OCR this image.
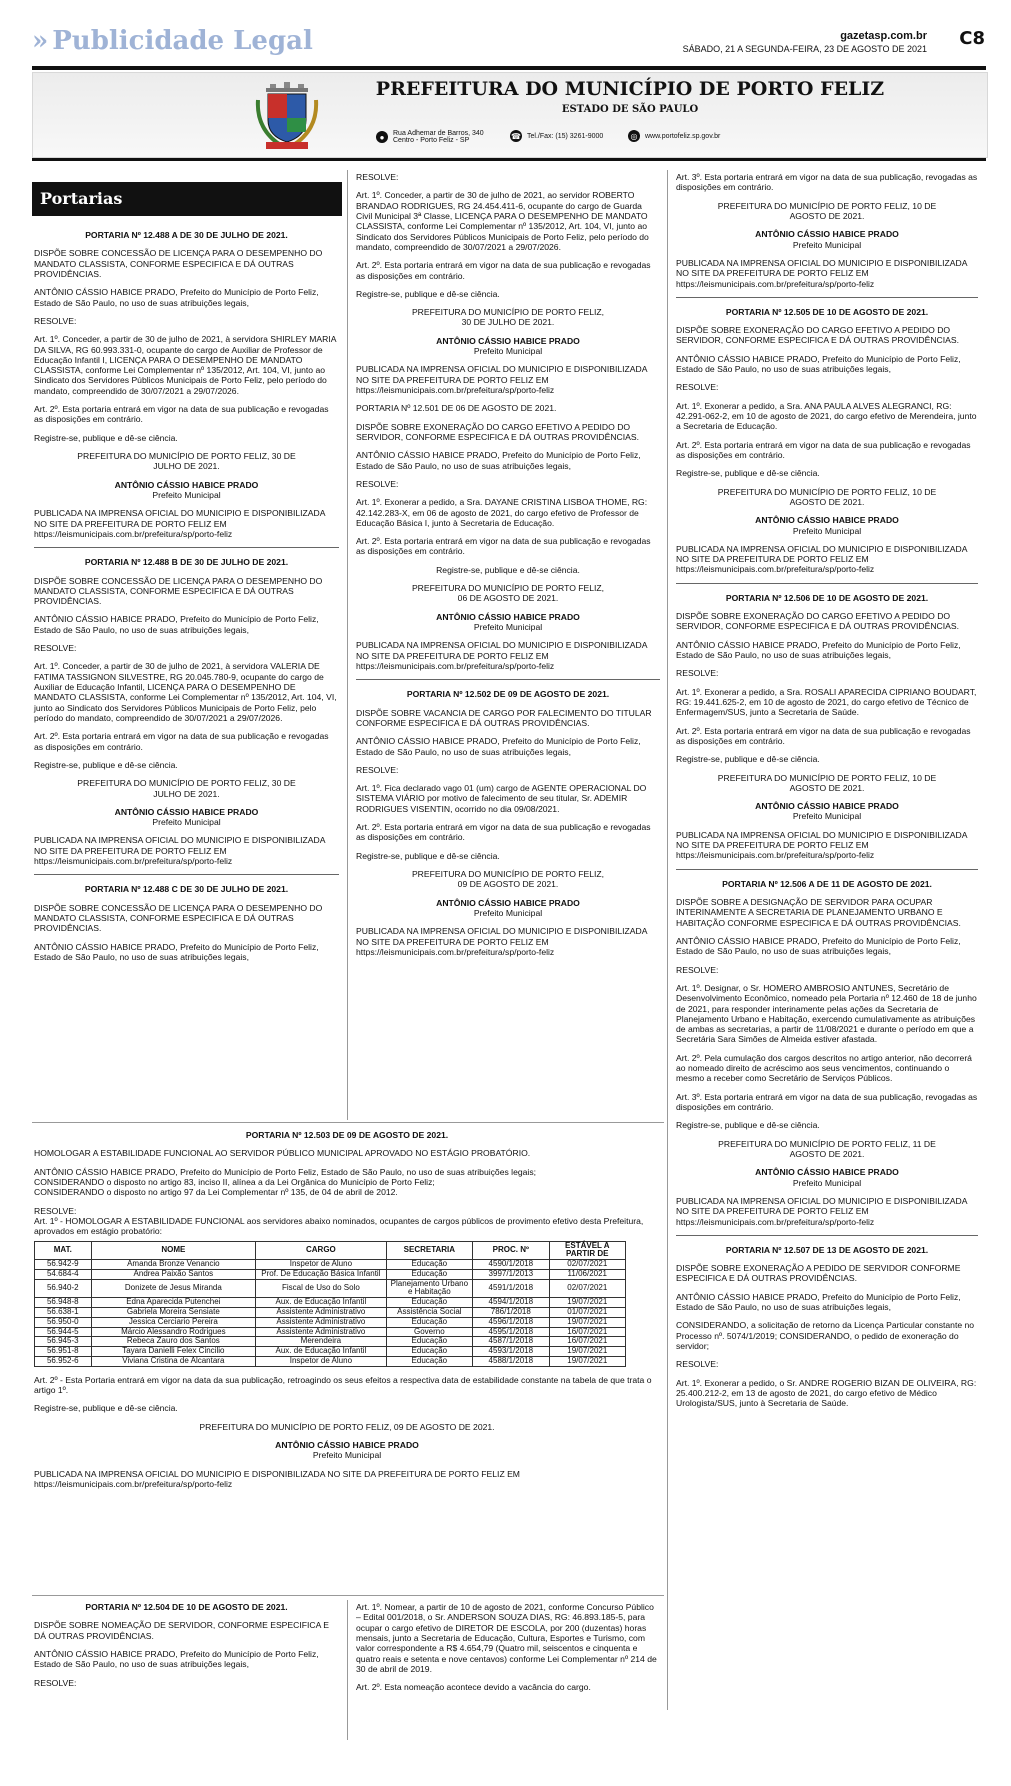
» Publicidade Legal	gazetasp.com.br
SÁBADO, 21 A SEGUNDA-FEIRA, 23 DE AGOSTO DE 2021 C8
PREFEITURA DO MUNICÍPIO DE PORTO FELIZ
ESTADO DE SÃO PAULO
●	Rua Adhemar de Barros, 340 Centro - Porto Feliz - SP	☎ Tel./Fax: (15) 3261-9000	◎	www.portofeliz.sp.gov.br
Portarias

PORTARIA Nº 12.488 A DE 30 DE JULHO DE 2021.

DISPÕE SOBRE CONCESSÃO DE LICENÇA PARA O DESEMPENHO DO MANDATO CLASSISTA, CONFORME ESPECIFICA E DÁ OUTRAS PROVIDÊNCIAS.

ANTÔNIO CÁSSIO HABICE PRADO, Prefeito do Município de Porto Feliz, Estado de São Paulo, no uso de suas atribuições legais,

RESOLVE:

Art. 1º. Conceder, a partir de 30 de julho de 2021, à servidora SHIRLEY MARIA DA SILVA, RG 60.993.331-0, ocupante do cargo de Auxiliar de Professor de Educação Infantil I, LICENÇA PARA O DESEMPENHO DE MANDATO CLASSISTA, conforme Lei Complementar nº 135/2012, Art. 104, VI, junto ao Sindicato dos Servidores Públicos Municipais de Porto Feliz, pelo período do mandato, compreendido de 30/07/2021 a 29/07/2026.

Art. 2º. Esta portaria entrará em vigor na data de sua publicação e revogadas as disposições em contrário.

Registre-se, publique e dê-se ciência.

PREFEITURA DO MUNICÍPIO DE PORTO FELIZ, 30 DE JULHO DE 2021.

ANTÔNIO CÁSSIO HABICE PRADO

Prefeito Municipal

PUBLICADA NA IMPRENSA OFICIAL DO MUNICIPIO E DISPONIBILIZADA NO SITE DA PREFEITURA DE PORTO FELIZ EM https://leismunicipais.com.br/prefeitura/sp/porto-feliz

PORTARIA Nº 12.488 B DE 30 DE JULHO DE 2021.

DISPÕE SOBRE CONCESSÃO DE LICENÇA PARA O DESEMPENHO DO MANDATO CLASSISTA, CONFORME ESPECIFICA E DÁ OUTRAS PROVIDÊNCIAS.

ANTÔNIO CÁSSIO HABICE PRADO, Prefeito do Município de Porto Feliz, Estado de São Paulo, no uso de suas atribuições legais,

RESOLVE:

Art. 1º. Conceder, a partir de 30 de julho de 2021, à servidora VALERIA DE FATIMA TASSIGNON SILVESTRE, RG 20.045.780-9, ocupante do cargo de Auxiliar de Educação Infantil, LICENÇA PARA O DESEMPENHO DE MANDATO CLASSISTA, conforme Lei Complementar nº 135/2012, Art. 104, VI, junto ao Sindicato dos Servidores Públicos Municipais de Porto Feliz, pelo período do mandato, compreendido de 30/07/2021 a 29/07/2026.

Art. 2º. Esta portaria entrará em vigor na data de sua publicação e revogadas as disposições em contrário.

Registre-se, publique e dê-se ciência.

PREFEITURA DO MUNICÍPIO DE PORTO FELIZ, 30 DE JULHO DE 2021.

ANTÔNIO CÁSSIO HABICE PRADO

Prefeito Municipal

PUBLICADA NA IMPRENSA OFICIAL DO MUNICIPIO E DISPONIBILIZADA NO SITE DA PREFEITURA DE PORTO FELIZ EM https://leismunicipais.com.br/prefeitura/sp/porto-feliz

PORTARIA Nº 12.488 C DE 30 DE JULHO DE 2021.

DISPÕE SOBRE CONCESSÃO DE LICENÇA PARA O DESEMPENHO DO MANDATO CLASSISTA, CONFORME ESPECIFICA E DÁ OUTRAS PROVIDÊNCIAS.

ANTÔNIO CÁSSIO HABICE PRADO, Prefeito do Município de Porto Feliz, Estado de São Paulo, no uso de suas atribuições legais,

RESOLVE:

Art. 1º. Conceder, a partir de 30 de julho de 2021, ao servidor ROBERTO BRANDAO RODRIGUES, RG 24.454.411-6, ocupante do cargo de Guarda Civil Municipal 3ª Classe, LICENÇA PARA O DESEMPENHO DE MANDATO CLASSISTA, conforme Lei Complementar nº 135/2012, Art. 104, VI, junto ao Sindicato dos Servidores Públicos Municipais de Porto Feliz, pelo período do mandato, compreendido de 30/07/2021 a 29/07/2026.

Art. 2º. Esta portaria entrará em vigor na data de sua publicação e revogadas as disposições em contrário.

Registre-se, publique e dê-se ciência.

PREFEITURA DO MUNICÍPIO DE PORTO FELIZ, 30 DE JULHO DE 2021.

ANTÔNIO CÁSSIO HABICE PRADO

Prefeito Municipal

PUBLICADA NA IMPRENSA OFICIAL DO MUNICIPIO E DISPONIBILIZADA NO SITE DA PREFEITURA DE PORTO FELIZ EM https://leismunicipais.com.br/prefeitura/sp/porto-feliz

PORTARIA Nº 12.501 DE 06 DE AGOSTO DE 2021.

DISPÕE SOBRE EXONERAÇÃO DO CARGO EFETIVO A PEDIDO DO SERVIDOR, CONFORME ESPECIFICA E DÁ OUTRAS PROVIDÊNCIAS.

ANTÔNIO CÁSSIO HABICE PRADO, Prefeito do Município de Porto Feliz, Estado de São Paulo, no uso de suas atribuições legais,

RESOLVE:

Art. 1º. Exonerar a pedido, a Sra. DAYANE CRISTINA LISBOA THOME, RG: 42.142.283-X, em 06 de agosto de 2021, do cargo efetivo de Professor de Educação Básica I, junto à Secretaria de Educação.

Art. 2º. Esta portaria entrará em vigor na data de sua publicação e revogadas as disposições em contrário.

Registre-se, publique e dê-se ciência.

PREFEITURA DO MUNICÍPIO DE PORTO FELIZ, 06 DE AGOSTO DE 2021.

ANTÔNIO CÁSSIO HABICE PRADO

Prefeito Municipal

PUBLICADA NA IMPRENSA OFICIAL DO MUNICIPIO E DISPONIBILIZADA NO SITE DA PREFEITURA DE PORTO FELIZ EM https://leismunicipais.com.br/prefeitura/sp/porto-feliz

PORTARIA Nº 12.502 DE 09 DE AGOSTO DE 2021.

DISPÕE SOBRE VACANCIA DE CARGO POR FALECIMENTO DO TITULAR CONFORME ESPECIFICA E DÁ OUTRAS PROVIDÊNCIAS.

ANTÔNIO CÁSSIO HABICE PRADO, Prefeito do Município de Porto Feliz, Estado de São Paulo, no uso de suas atribuições legais,

RESOLVE:

Art. 1º. Fica declarado vago 01 (um) cargo de AGENTE OPERACIONAL DO SISTEMA VIÁRIO por motivo de falecimento de seu titular, Sr. ADEMIR RODRIGUES VISENTIN, ocorrido no dia 09/08/2021.

Art. 2º. Esta portaria entrará em vigor na data de sua publicação e revogadas as disposições em contrário.

Registre-se, publique e dê-se ciência.

PREFEITURA DO MUNICÍPIO DE PORTO FELIZ, 09 DE AGOSTO DE 2021.

ANTÔNIO CÁSSIO HABICE PRADO

Prefeito Municipal

PUBLICADA NA IMPRENSA OFICIAL DO MUNICIPIO E DISPONIBILIZADA NO SITE DA PREFEITURA DE PORTO FELIZ EM https://leismunicipais.com.br/prefeitura/sp/porto-feliz

Art. 3º. Esta portaria entrará em vigor na data de sua publicação, revogadas as disposições em contrário.

PREFEITURA DO MUNICÍPIO DE PORTO FELIZ, 10 DE AGOSTO DE 2021.

ANTÔNIO CÁSSIO HABICE PRADO

Prefeito Municipal

PUBLICADA NA IMPRENSA OFICIAL DO MUNICIPIO E DISPONIBILIZADA NO SITE DA PREFEITURA DE PORTO FELIZ EM https://leismunicipais.com.br/prefeitura/sp/porto-feliz

PORTARIA Nº 12.505 DE 10 DE AGOSTO DE 2021.

DISPÕE SOBRE EXONERAÇÃO DO CARGO EFETIVO A PEDIDO DO SERVIDOR, CONFORME ESPECIFICA E DÁ OUTRAS PROVIDÊNCIAS.

ANTÔNIO CÁSSIO HABICE PRADO, Prefeito do Município de Porto Feliz, Estado de São Paulo, no uso de suas atribuições legais,

RESOLVE:

Art. 1º. Exonerar a pedido, a Sra. ANA PAULA ALVES ALEGRANCI, RG: 42.291-062-2, em 10 de agosto de 2021, do cargo efetivo de Merendeira, junto a Secretaria de Educação.

Art. 2º. Esta portaria entrará em vigor na data de sua publicação e revogadas as disposições em contrário.

Registre-se, publique e dê-se ciência.

PREFEITURA DO MUNICÍPIO DE PORTO FELIZ, 10 DE AGOSTO DE 2021.

ANTÔNIO CÁSSIO HABICE PRADO

Prefeito Municipal

PUBLICADA NA IMPRENSA OFICIAL DO MUNICIPIO E DISPONIBILIZADA NO SITE DA PREFEITURA DE PORTO FELIZ EM https://leismunicipais.com.br/prefeitura/sp/porto-feliz

PORTARIA Nº 12.506 DE 10 DE AGOSTO DE 2021.

DISPÕE SOBRE EXONERAÇÃO DO CARGO EFETIVO A PEDIDO DO SERVIDOR, CONFORME ESPECIFICA E DÁ OUTRAS PROVIDÊNCIAS.

ANTÔNIO CÁSSIO HABICE PRADO, Prefeito do Município de Porto Feliz, Estado de São Paulo, no uso de suas atribuições legais,

RESOLVE:

Art. 1º. Exonerar a pedido, a Sra. ROSALI APARECIDA CIPRIANO BOUDART, RG: 19.441.625-2, em 10 de agosto de 2021, do cargo efetivo de Técnico de Enfermagem/SUS, junto a Secretaria de Saúde.

Art. 2º. Esta portaria entrará em vigor na data de sua publicação e revogadas as disposições em contrário.

Registre-se, publique e dê-se ciência.

PREFEITURA DO MUNICÍPIO DE PORTO FELIZ, 10 DE AGOSTO DE 2021.

ANTÔNIO CÁSSIO HABICE PRADO

Prefeito Municipal

PUBLICADA NA IMPRENSA OFICIAL DO MUNICIPIO E DISPONIBILIZADA NO SITE DA PREFEITURA DE PORTO FELIZ EM https://leismunicipais.com.br/prefeitura/sp/porto-feliz

PORTARIA Nº 12.506 A DE 11 DE AGOSTO DE 2021.

DISPÕE SOBRE A DESIGNAÇÃO DE SERVIDOR PARA OCUPAR INTERINAMENTE A SECRETARIA DE PLANEJAMENTO URBANO E HABITAÇÃO CONFORME ESPECIFICA E DÁ OUTRAS PROVIDÊNCIAS.

ANTÔNIO CÁSSIO HABICE PRADO, Prefeito do Município de Porto Feliz, Estado de São Paulo, no uso de suas atribuições legais,

RESOLVE:

Art. 1º. Designar, o Sr. HOMERO AMBROSIO ANTUNES, Secretário de Desenvolvimento Econômico, nomeado pela Portaria nº 12.460 de 18 de junho de 2021, para responder interinamente pelas ações da Secretaria de Planejamento Urbano e Habitação, exercendo cumulativamente as atribuições de ambas as secretarias, a partir de 11/08/2021 e durante o período em que a Secretária Sara Simões de Almeida estiver afastada.

Art. 2º. Pela cumulação dos cargos descritos no artigo anterior, não decorrerá ao nomeado direito de acréscimo aos seus vencimentos, continuando o mesmo a receber como Secretário de Serviços Públicos.

Art. 3º. Esta portaria entrará em vigor na data de sua publicação, revogadas as disposições em contrário.

Registre-se, publique e dê-se ciência.

PREFEITURA DO MUNICÍPIO DE PORTO FELIZ, 11 DE AGOSTO DE 2021.

ANTÔNIO CÁSSIO HABICE PRADO

Prefeito Municipal

PUBLICADA NA IMPRENSA OFICIAL DO MUNICIPIO E DISPONIBILIZADA NO SITE DA PREFEITURA DE PORTO FELIZ EM https://leismunicipais.com.br/prefeitura/sp/porto-feliz

PORTARIA Nº 12.507 DE 13 DE AGOSTO DE 2021.

DISPÕE SOBRE EXONERAÇÃO A PEDIDO DE SERVIDOR CONFORME ESPECIFICA E DÁ OUTRAS PROVIDÊNCIAS.

ANTÔNIO CÁSSIO HABICE PRADO, Prefeito do Município de Porto Feliz, Estado de São Paulo, no uso de suas atribuições legais,

CONSIDERANDO, a solicitação de retorno da Licença Particular constante no Processo nº. 5074/1/2019; CONSIDERANDO, o pedido de exoneração do servidor;

RESOLVE:

Art. 1º. Exonerar a pedido, o Sr. ANDRE ROGERIO BIZAN DE OLIVEIRA, RG: 25.400.212-2, em 13 de agosto de 2021, do cargo efetivo de Médico Urologista/SUS, junto à Secretaria de Saúde.

PORTARIA Nº 12.503 DE 09 DE AGOSTO DE 2021.

HOMOLOGAR A ESTABILIDADE FUNCIONAL AO SERVIDOR PÚBLICO MUNICIPAL APROVADO NO ESTÁGIO PROBATÓRIO.

ANTÔNIO CÁSSIO HABICE PRADO, Prefeito do Município de Porto Feliz, Estado de São Paulo, no uso de suas atribuições legais;

CONSIDERANDO o disposto no artigo 83, inciso II, alínea a da Lei Orgânica do Município de Porto Feliz;

CONSIDERANDO o disposto no artigo 97 da Lei Complementar nº 135, de 04 de abril de 2012.

RESOLVE:

Art. 1º - HOMOLOGAR A ESTABILIDADE FUNCIONAL aos servidores abaixo nominados, ocupantes de cargos públicos de provimento efetivo desta Prefeitura, aprovados em estágio probatório:

MAT.	NOME	CARGO	SECRETARIA	PROC. Nº	ESTÁVEL A PARTIR DE
56.942-9	Amanda Bronze Venancio	Inspetor de Aluno	Educação	4590/1/2018	02/07/2021
54.684-4	Andrea Paixão Santos	Prof. De Educação Básica Infantil	Educação	3997/1/2013	11/06/2021
56.940-2	Donizete de Jesus Miranda	Fiscal de Uso do Solo	Planejamento Urbano e Habitação	4591/1/2018	02/07/2021
56.948-8	Edna Aparecida Putenchei	Aux. de Educação Infantil	Educação	4594/1/2018	19/07/2021
56.638-1	Gabriela Moreira Sensiate	Assistente Administrativo	Assistência Social	786/1/2018	01/07/2021
56.950-0	Jessica Cerciario Pereira	Assistente Administrativo	Educação	4596/1/2018	19/07/2021
56.944-5	Márcio Alessandro Rodrigues	Assistente Administrativo	Governo	4595/1/2018	16/07/2021
56.945-3	Rebeca Zauro dos Santos	Merendeira	Educação	4587/1/2018	16/07/2021
56.951-8	Tayara Danielli Felex Cincilio	Aux. de Educação Infantil	Educação	4593/1/2018	19/07/2021
56.952-6	Viviana Cristina de Alcantara	Inspetor de Aluno	Educação	4588/1/2018	19/07/2021

Art. 2º - Esta Portaria entrará em vigor na data da sua publicação, retroagindo os seus efeitos a respectiva data de estabilidade constante na tabela de que trata o artigo 1º.

Registre-se, publique e dê-se ciência.

PREFEITURA DO MUNICÍPIO DE PORTO FELIZ, 09 DE AGOSTO DE 2021.

ANTÔNIO CÁSSIO HABICE PRADO

Prefeito Municipal

PUBLICADA NA IMPRENSA OFICIAL DO MUNICIPIO E DISPONIBILIZADA NO SITE DA PREFEITURA DE PORTO FELIZ EM https://leismunicipais.com.br/prefeitura/sp/porto-feliz

PORTARIA Nº 12.504 DE 10 DE AGOSTO DE 2021.

DISPÕE SOBRE NOMEAÇÃO DE SERVIDOR, CONFORME ESPECIFICA E DÁ OUTRAS PROVIDÊNCIAS.

ANTÔNIO CÁSSIO HABICE PRADO, Prefeito do Município de Porto Feliz, Estado de São Paulo, no uso de suas atribuições legais,

RESOLVE:

Art. 1º. Nomear, a partir de 10 de agosto de 2021, conforme Concurso Público – Edital 001/2018, o Sr. ANDERSON SOUZA DIAS, RG: 46.893.185-5, para ocupar o cargo efetivo de DIRETOR DE ESCOLA, por 200 (duzentas) horas mensais, junto a Secretaria de Educação, Cultura, Esportes e Turismo, com valor correspondente a R$ 4.654,79 (Quatro mil, seiscentos e cinquenta e quatro reais e setenta e nove centavos) conforme Lei Complementar nº 214 de 30 de abril de 2019.

Art. 2º. Esta nomeação acontece devido a vacância do cargo.
